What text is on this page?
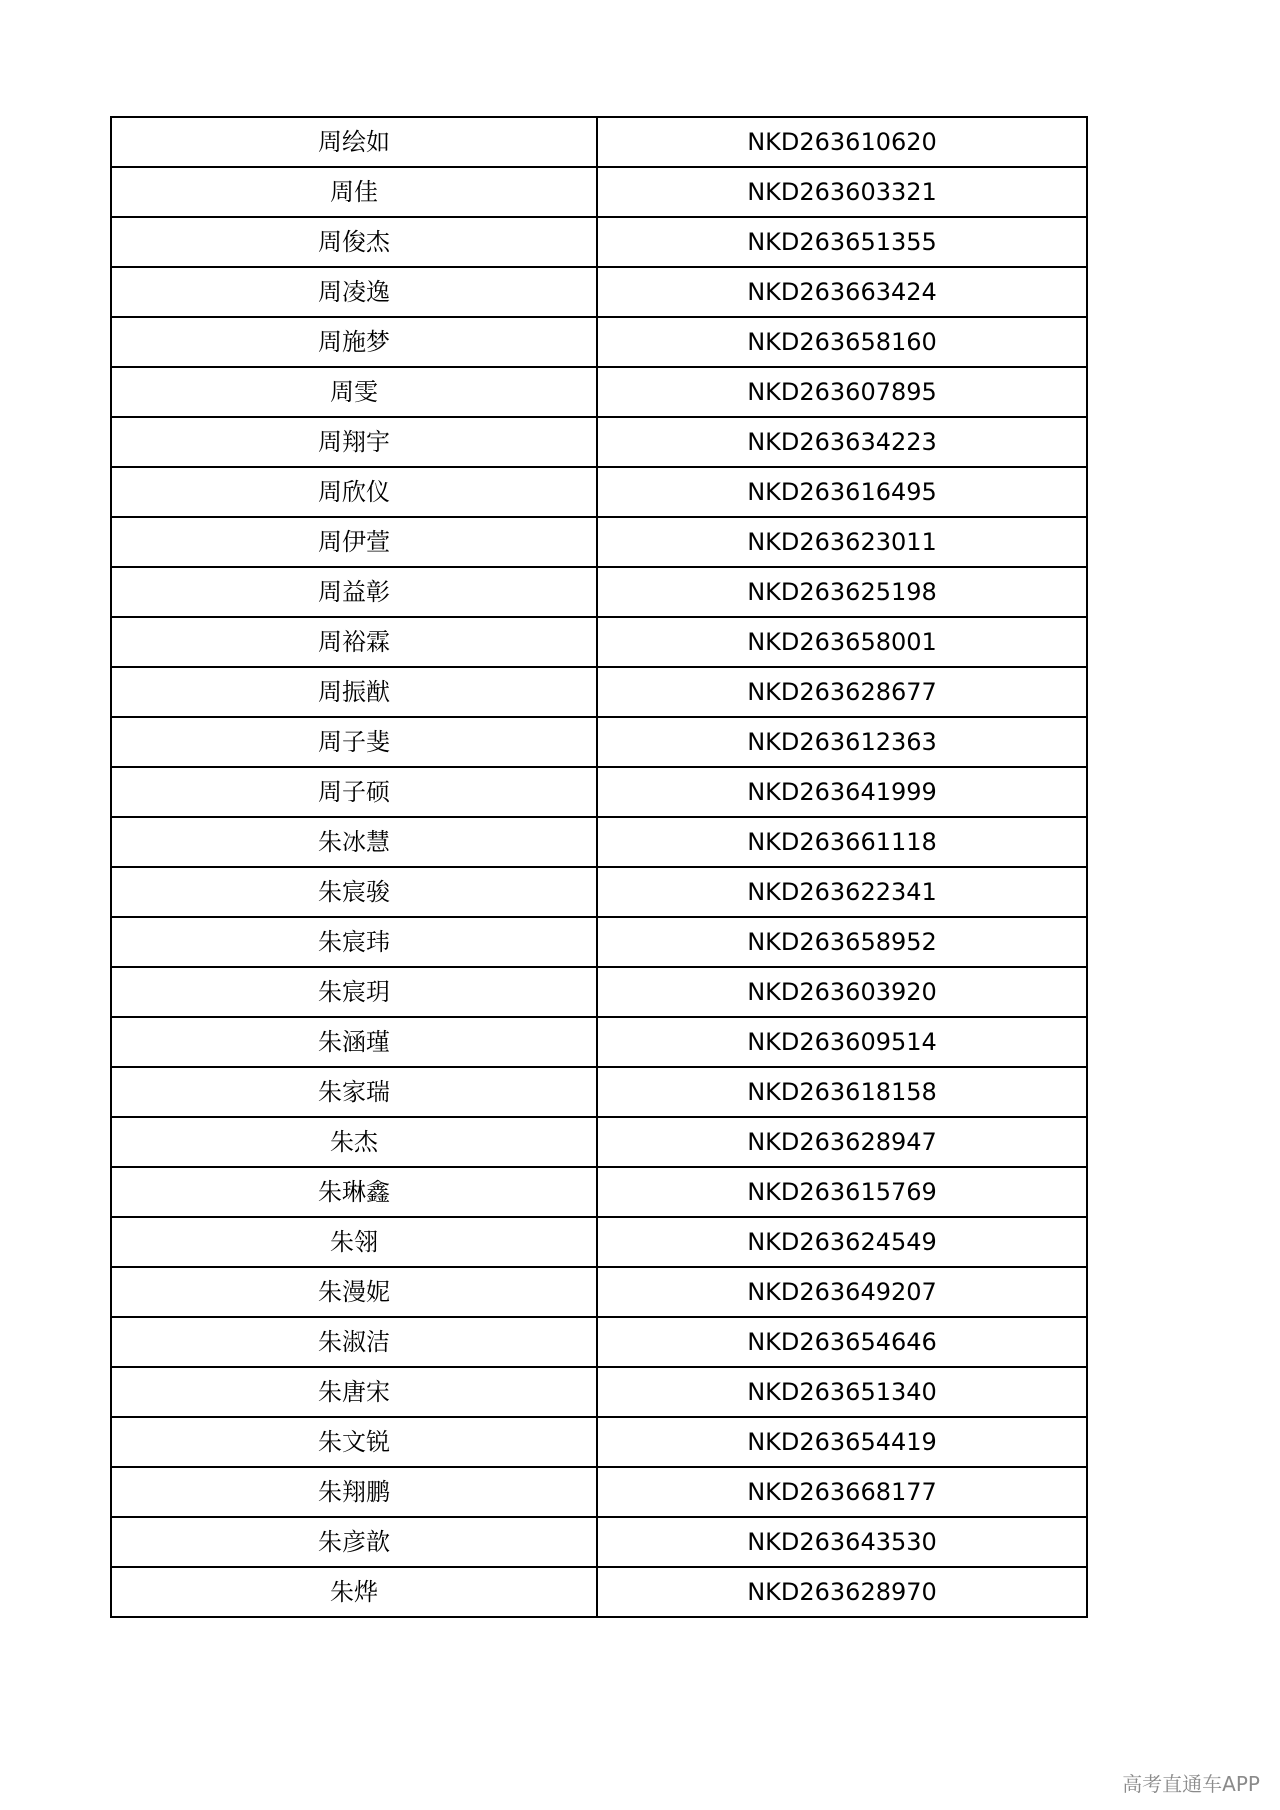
周绘如	NKD263610620
周佳	NKD263603321
周俊杰	NKD263651355
周凌逸	NKD263663424
周施梦	NKD263658160
周雯	NKD263607895
周翔宇	NKD263634223
周欣仪	NKD263616495
周伊萱	NKD263623011
周益彰	NKD263625198
周裕霖	NKD263658001
周振猷	NKD263628677
周子斐	NKD263612363
周子硕	NKD263641999
朱冰慧	NKD263661118
朱宸骏	NKD263622341
朱宸玮	NKD263658952
朱宸玥	NKD263603920
朱涵瑾	NKD263609514
朱家瑞	NKD263618158
朱杰	NKD263628947
朱琳鑫	NKD263615769
朱翎	NKD263624549
朱漫妮	NKD263649207
朱淑洁	NKD263654646
朱唐宋	NKD263651340
朱文锐	NKD263654419
朱翔鹏	NKD263668177
朱彦歆	NKD263643530
朱烨	NKD263628970
高考直通车APP
